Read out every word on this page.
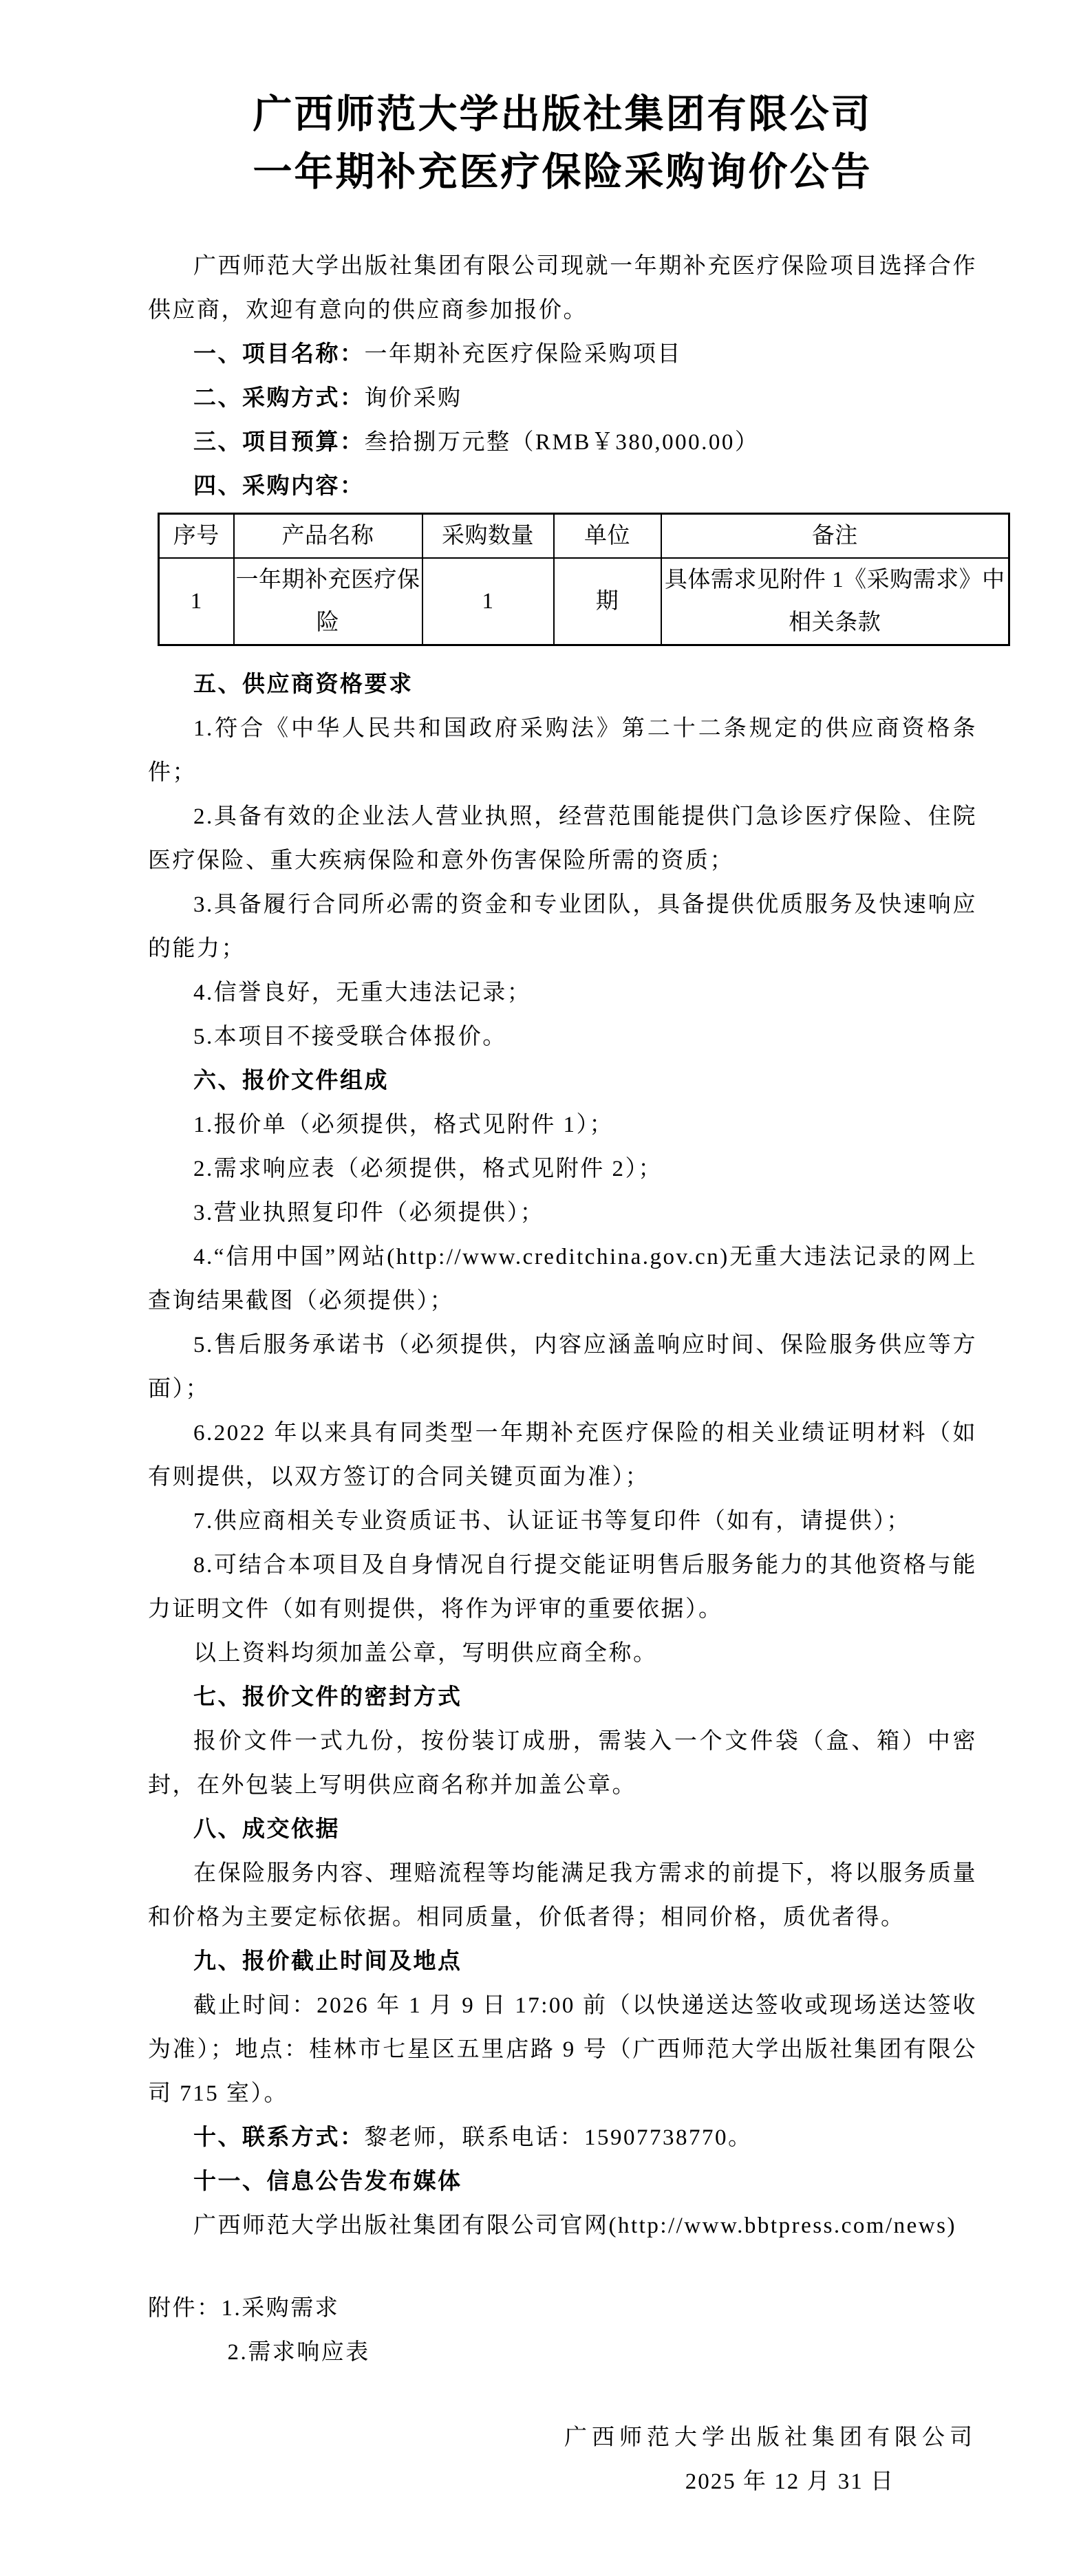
广西师范大学出版社集团有限公司
一年期补充医疗保险采购询价公告

广西师范大学出版社集团有限公司现就一年期补充医疗保险项目选择合作供应商，欢迎有意向的供应商参加报价。

一、项目名称：一年期补充医疗保险采购项目

二、采购方式：询价采购

三、项目预算：叁拾捌万元整（RMB￥380,000.00）

四、采购内容：

序号	产品名称	采购数量	单位	备注
1	一年期补充医疗保险	1	期	具体需求见附件 1《采购需求》中相关条款

五、供应商资格要求

1.符合《中华人民共和国政府采购法》第二十二条规定的供应商资格条件；

2.具备有效的企业法人营业执照，经营范围能提供门急诊医疗保险、住院医疗保险、重大疾病保险和意外伤害保险所需的资质；

3.具备履行合同所必需的资金和专业团队，具备提供优质服务及快速响应的能力；

4.信誉良好，无重大违法记录；

5.本项目不接受联合体报价。

六、报价文件组成

1.报价单（必须提供，格式见附件 1）；

2.需求响应表（必须提供，格式见附件 2）；

3.营业执照复印件（必须提供）；

4.“信用中国”网站(http://www.creditchina.gov.cn)无重大违法记录的网上查询结果截图（必须提供）；

5.售后服务承诺书（必须提供，内容应涵盖响应时间、保险服务供应等方面）；

6.2022 年以来具有同类型一年期补充医疗保险的相关业绩证明材料（如有则提供，以双方签订的合同关键页面为准）；

7.供应商相关专业资质证书、认证证书等复印件（如有，请提供）；

8.可结合本项目及自身情况自行提交能证明售后服务能力的其他资格与能力证明文件（如有则提供，将作为评审的重要依据）。

以上资料均须加盖公章，写明供应商全称。

七、报价文件的密封方式

报价文件一式九份，按份装订成册，需装入一个文件袋（盒、箱）中密封，在外包装上写明供应商名称并加盖公章。

八、成交依据

在保险服务内容、理赔流程等均能满足我方需求的前提下，将以服务质量和价格为主要定标依据。相同质量，价低者得；相同价格，质优者得。

九、报价截止时间及地点

截止时间：2026 年 1 月 9 日 17:00 前（以快递送达签收或现场送达签收为准）；地点：桂林市七星区五里店路 9 号（广西师范大学出版社集团有限公司 715 室）。

十、联系方式：黎老师，联系电话：15907738770。

十一、信息公告发布媒体

广西师范大学出版社集团有限公司官网(http://www.bbtpress.com/news)

附件：1.采购需求

2.需求响应表

广西师范大学出版社集团有限公司

2025 年 12 月 31 日
